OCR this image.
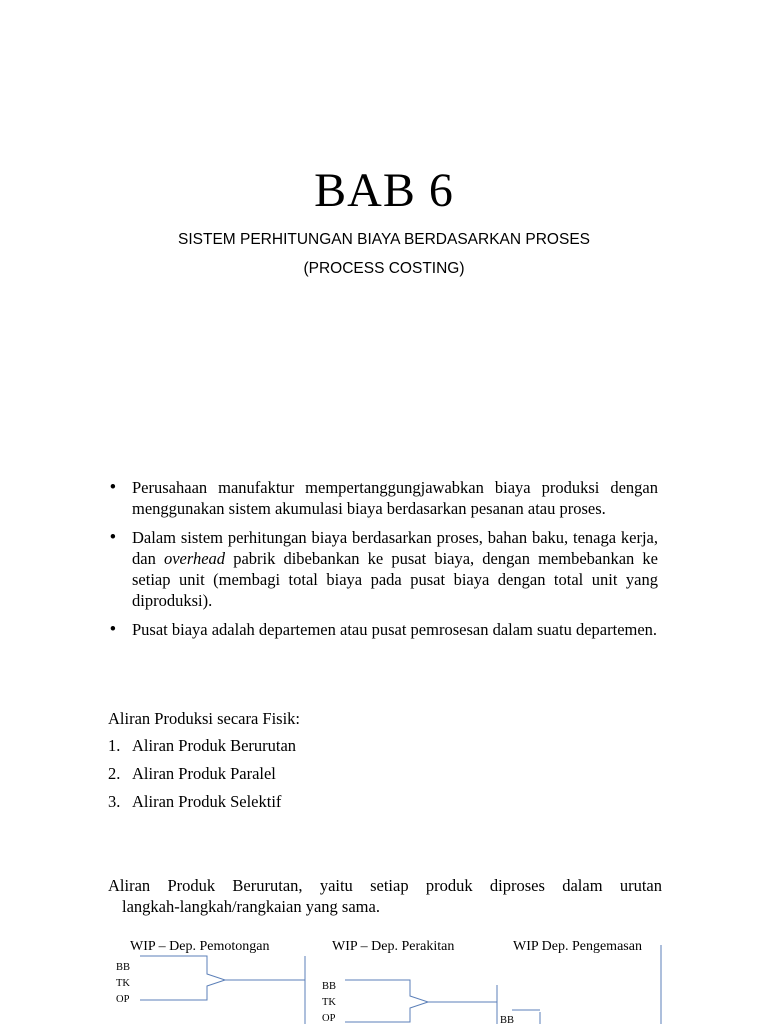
BAB 6
SISTEM PERHITUNGAN BIAYA BERDASARKAN PROSES
(PROCESS COSTING)
• Perusahaan manufaktur mempertanggungjawabkan biaya produksi dengan menggunakan sistem akumulasi biaya berdasarkan pesanan atau proses.
• Dalam sistem perhitungan biaya berdasarkan proses, bahan baku, tenaga kerja, dan overhead pabrik dibebankan ke pusat biaya, dengan membebankan ke setiap unit (membagi total biaya pada pusat biaya dengan total unit yang diproduksi).
• Pusat biaya adalah departemen atau pusat pemrosesan dalam suatu departemen.
Aliran Produksi secara Fisik:
1. Aliran Produk Berurutan
2. Aliran Produk Paralel
3. Aliran Produk Selektif
Aliran Produk Berurutan, yaitu setiap produk diproses dalam urutan
langkah-langkah/rangkaian yang sama.
WIP – Dep. Pemotongan	WIP – Dep. Perakitan	WIP Dep. Pengemasan
BB
TK
OP
BB
TK
OP	BB
